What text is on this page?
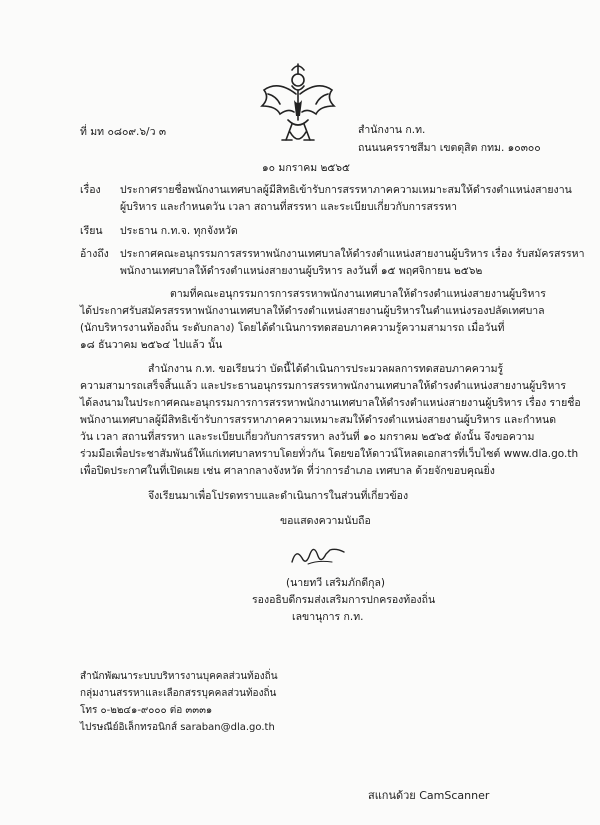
ที่ มท ๐๘๐๙.๖/ว ๓	สำนักงาน ก.ท.
ถนนนครราชสีมา เขตดุสิต กทม. ๑๐๓๐๐
๑๐ มกราคม ๒๕๖๕
เรื่อง ประกาศรายชื่อพนักงานเทศบาลผู้มีสิทธิเข้ารับการสรรหาภาคความเหมาะสมให้ดำรงตำแหน่งสายงาน
ผู้บริหาร และกำหนดวัน เวลา สถานที่สรรหา และระเบียบเกี่ยวกับการสรรหา
เรียน ประธาน ก.ท.จ. ทุกจังหวัด
อ้างถึง ประกาศคณะอนุกรรมการสรรหาพนักงานเทศบาลให้ดำรงตำแหน่งสายงานผู้บริหาร เรื่อง รับสมัครสรรหา
พนักงานเทศบาลให้ดำรงตำแหน่งสายงานผู้บริหาร ลงวันที่ ๑๕ พฤศจิกายน ๒๕๖๒
ตามที่คณะอนุกรรมการการสรรหาพนักงานเทศบาลให้ดำรงตำแหน่งสายงานผู้บริหาร
ได้ประกาศรับสมัครสรรหาพนักงานเทศบาลให้ดำรงตำแหน่งสายงานผู้บริหารในตำแหน่งรองปลัดเทศบาล
(นักบริหารงานท้องถิ่น ระดับกลาง) โดยได้ดำเนินการทดสอบภาคความรู้ความสามารถ เมื่อวันที่
๑๘ ธันวาคม ๒๕๖๔ ไปแล้ว นั้น
สำนักงาน ก.ท. ขอเรียนว่า บัดนี้ได้ดำเนินการประมวลผลการทดสอบภาคความรู้
ความสามารถเสร็จสิ้นแล้ว และประธานอนุกรรมการสรรหาพนักงานเทศบาลให้ดำรงตำแหน่งสายงานผู้บริหาร
ได้ลงนามในประกาศคณะอนุกรรมการการสรรหาพนักงานเทศบาลให้ดำรงตำแหน่งสายงานผู้บริหาร เรื่อง รายชื่อ
พนักงานเทศบาลผู้มีสิทธิเข้ารับการสรรหาภาคความเหมาะสมให้ดำรงตำแหน่งสายงานผู้บริหาร และกำหนด
วัน เวลา สถานที่สรรหา และระเบียบเกี่ยวกับการสรรหา ลงวันที่ ๑๐ มกราคม ๒๕๖๕ ดังนั้น จึงขอความ
ร่วมมือเพื่อประชาสัมพันธ์ให้แก่เทศบาลทราบโดยทั่วกัน โดยขอให้ดาวน์โหลดเอกสารที่เว็บไซต์ www.dla.go.th
เพื่อปิดประกาศในที่เปิดเผย เช่น ศาลากลางจังหวัด ที่ว่าการอำเภอ เทศบาล ด้วยจักขอบคุณยิ่ง
จึงเรียนมาเพื่อโปรดทราบและดำเนินการในส่วนที่เกี่ยวข้อง
ขอแสดงความนับถือ
(นายทวี เสริมภักดีกุล)
รองอธิบดีกรมส่งเสริมการปกครองท้องถิ่น
เลขานุการ ก.ท.
สำนักพัฒนาระบบบริหารงานบุคคลส่วนท้องถิ่น
กลุ่มงานสรรหาและเลือกสรรบุคคลส่วนท้องถิ่น
โทร ๐-๒๒๔๑-๙๐๐๐ ต่อ ๓๓๓๑
ไปรษณีย์อิเล็กทรอนิกส์ saraban@dla.go.th
สแกนด้วย CamScanner
